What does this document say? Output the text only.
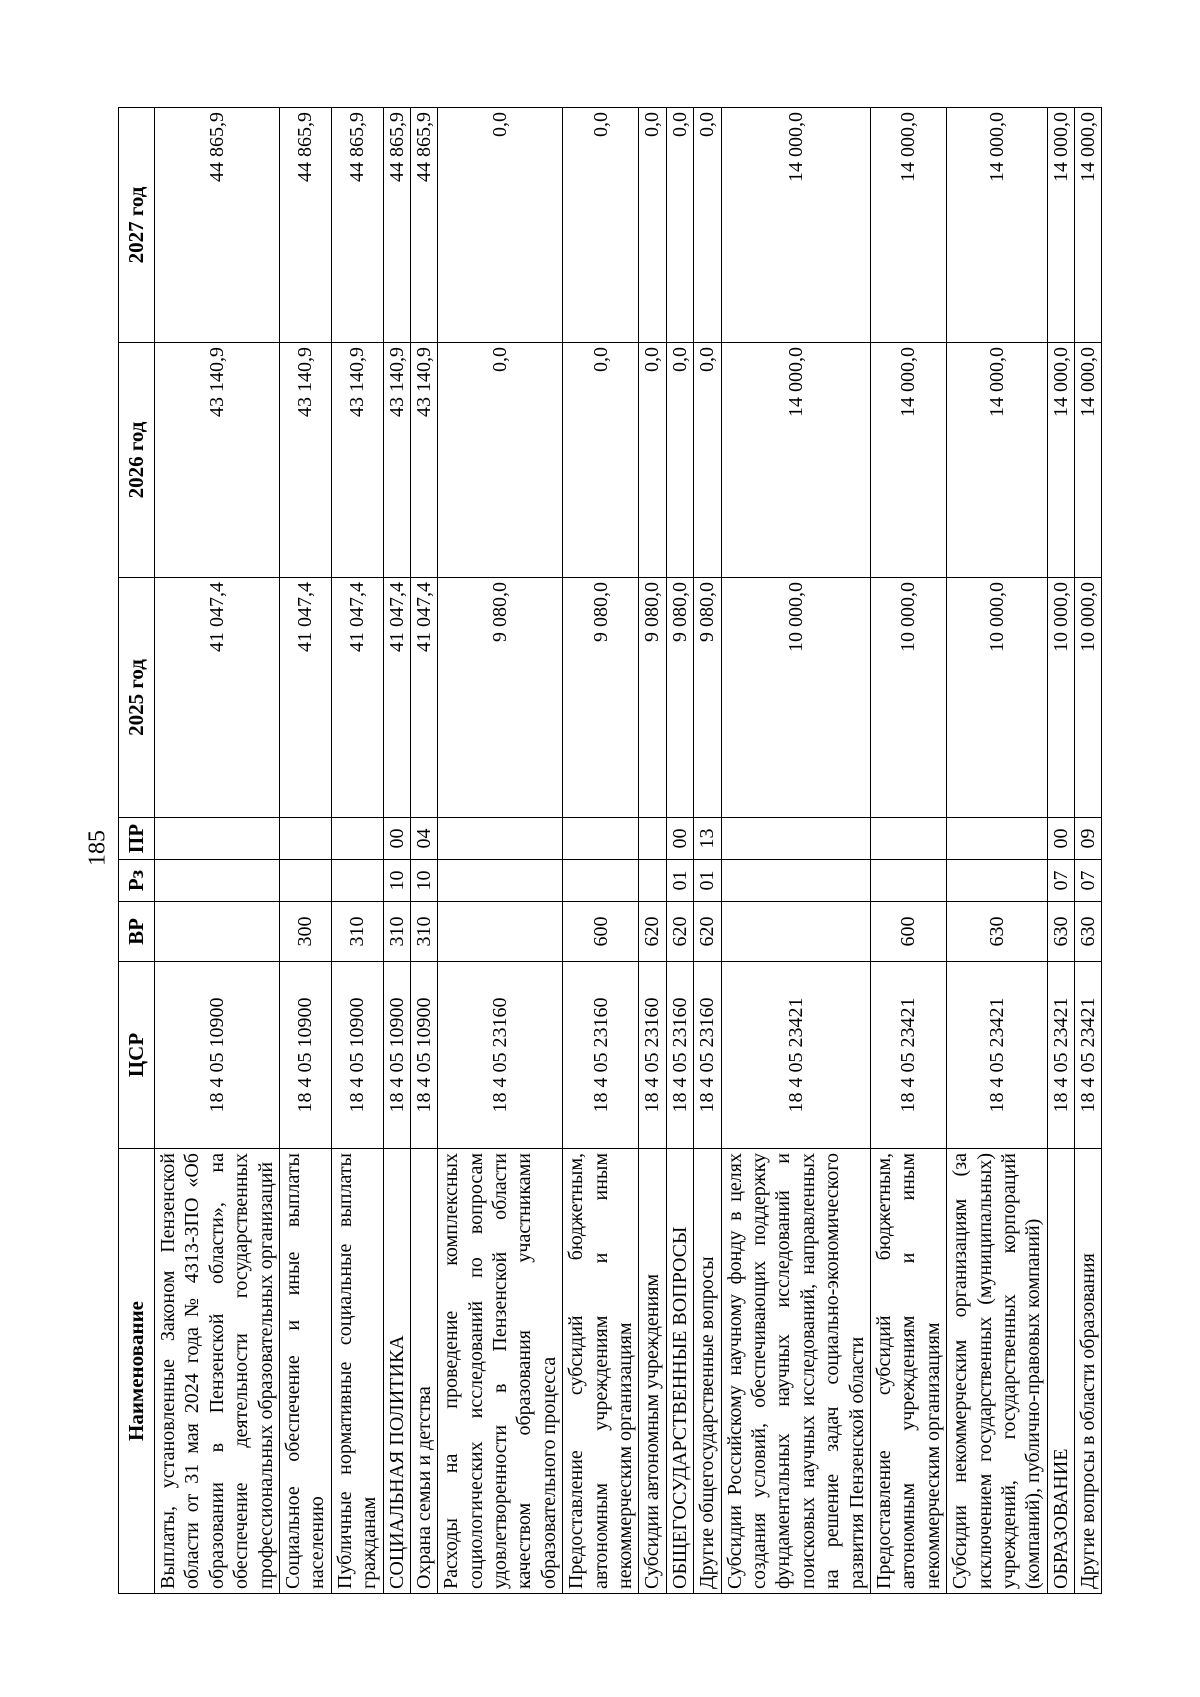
185
Наименование	ЦСР	ВР	Рз	ПР	2025 год	2026 год	2027 год
Выплаты, установленные Законом Пензенской области от 31 мая 2024 года № 4313-ЗПО «Об образовании в Пензенской области», на обеспечение деятельности государственных профессиональных образовательных организаций	18 4 05 10900				41 047,4	43 140,9	44 865,9
Социальное обеспечение и иные выплаты населению	18 4 05 10900	300			41 047,4	43 140,9	44 865,9
Публичные нормативные социальные выплаты гражданам	18 4 05 10900	310			41 047,4	43 140,9	44 865,9
СОЦИАЛЬНАЯ ПОЛИТИКА	18 4 05 10900	310	10	00	41 047,4	43 140,9	44 865,9
Охрана семьи и детства	18 4 05 10900	310	10	04	41 047,4	43 140,9	44 865,9
Расходы на проведение комплексных социологических исследований по вопросам удовлетворенности в Пензенской области качеством образования участниками образовательного процесса	18 4 05 23160				9 080,0	0,0	0,0
Предоставление субсидий бюджетным, автономным учреждениям и иным некоммерческим организациям	18 4 05 23160	600			9 080,0	0,0	0,0
Субсидии автономным учреждениям	18 4 05 23160	620			9 080,0	0,0	0,0
ОБЩЕГОСУДАРСТВЕННЫЕ ВОПРОСЫ	18 4 05 23160	620	01	00	9 080,0	0,0	0,0
Другие общегосударственные вопросы	18 4 05 23160	620	01	13	9 080,0	0,0	0,0
Субсидии Российскому научному фонду в целях создания условий, обеспечивающих поддержку фундаментальных научных исследований и поисковых научных исследований, направленных на решение задач социально-экономического развития Пензенской области	18 4 05 23421				10 000,0	14 000,0	14 000,0
Предоставление субсидий бюджетным, автономным учреждениям и иным некоммерческим организациям	18 4 05 23421	600			10 000,0	14 000,0	14 000,0
Субсидии некоммерческим организациям (за исключением государственных (муниципальных) учреждений, государственных корпораций (компаний), публично-правовых компаний)	18 4 05 23421	630			10 000,0	14 000,0	14 000,0
ОБРАЗОВАНИЕ	18 4 05 23421	630	07	00	10 000,0	14 000,0	14 000,0
Другие вопросы в области образования	18 4 05 23421	630	07	09	10 000,0	14 000,0	14 000,0
